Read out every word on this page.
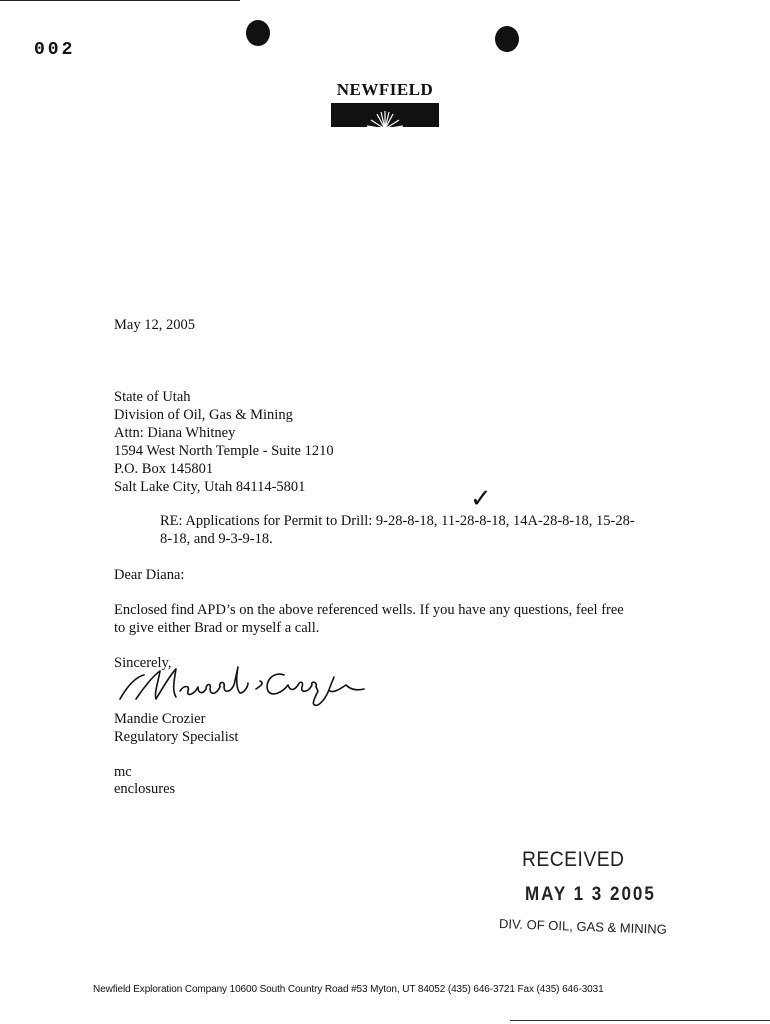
002
NEWFIELD
May 12, 2005
State of Utah
Division of Oil, Gas & Mining
Attn: Diana Whitney
1594 West North Temple - Suite 1210
P.O. Box 145801
Salt Lake City, Utah 84114-5801	✓
RE: Applications for Permit to Drill: 9-28-8-18, 11-28-8-18, 14A-28-8-18, 15-28-
8-18, and 9-3-9-18.
Dear Diana:
Enclosed find APD’s on the above referenced wells. If you have any questions, feel free
to give either Brad or myself a call.
Sincerely,
Mandie Crozier
Regulatory Specialist
mc
enclosures
RECEIVED
MAY 1 3 2005
DIV. OF OIL, GAS & MINING
Newfield Exploration Company 10600 South Country Road #53 Myton, UT 84052 (435) 646-3721 Fax (435) 646-3031
